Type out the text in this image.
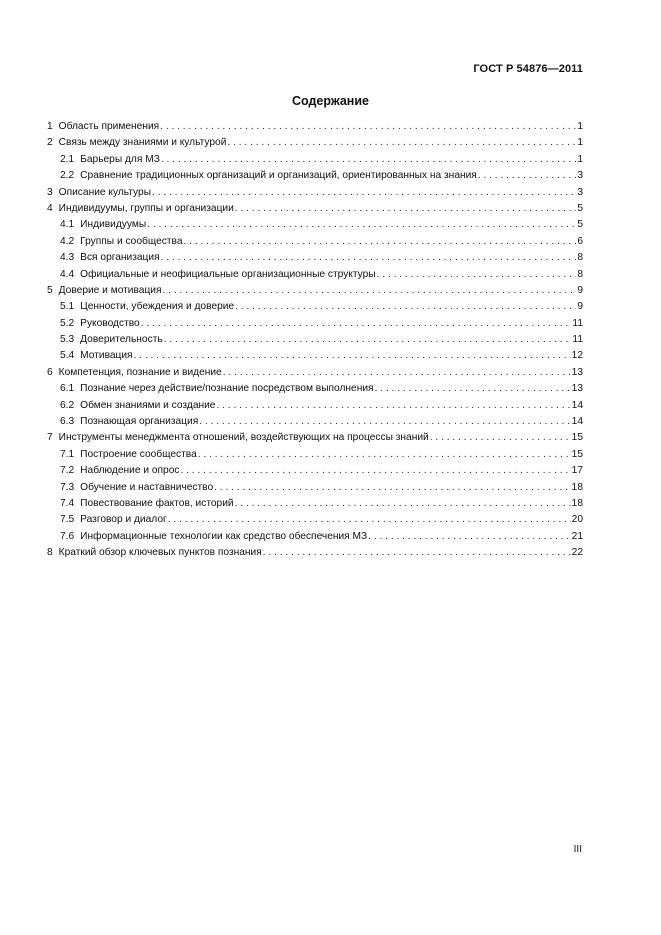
ГОСТ Р 54876—2011
Содержание
1 Область применения . . .	1
2 Связь между знаниями и культурой . . .	1
2.1 Барьеры для МЗ . . .	1
2.2 Сравнение традиционных организаций и организаций, ориентированных на знания . . .	3
3 Описание культуры . . .	3
4 Индивидуумы, группы и организации . . .	5
4.1 Индивидуумы . . .	5
4.2 Группы и сообщества . . .	6
4.3 Вся организация . . .	8
4.4 Официальные и неофициальные организационные структуры . . .	8
5 Доверие и мотивация . . .	9
5.1 Ценности, убеждения и доверие . . .	9
5.2 Руководство . . .	11
5.3 Доверительность . . .	11
5.4 Мотивация . . .	12
6 Компетенция, познание и видение . . .	13
6.1 Познание через действие/познание посредством выполнения . . .	13
6.2 Обмен знаниями и создание . . .	14
6.3 Познающая организация . . .	14
7 Инструменты менеджмента отношений, воздействующих на процессы знаний . . .	15
7.1 Построение сообщества . . .	15
7.2 Наблюдение и опрос . . .	17
7.3 Обучение и наставничество . . .	18
7.4 Повествование фактов, историй . . .	18
7.5 Разговор и диалог . . .	20
7.6 Информационные технологии как средство обеспечения МЗ . . .	21
8 Краткий обзор ключевых пунктов познания . . .	22
III
